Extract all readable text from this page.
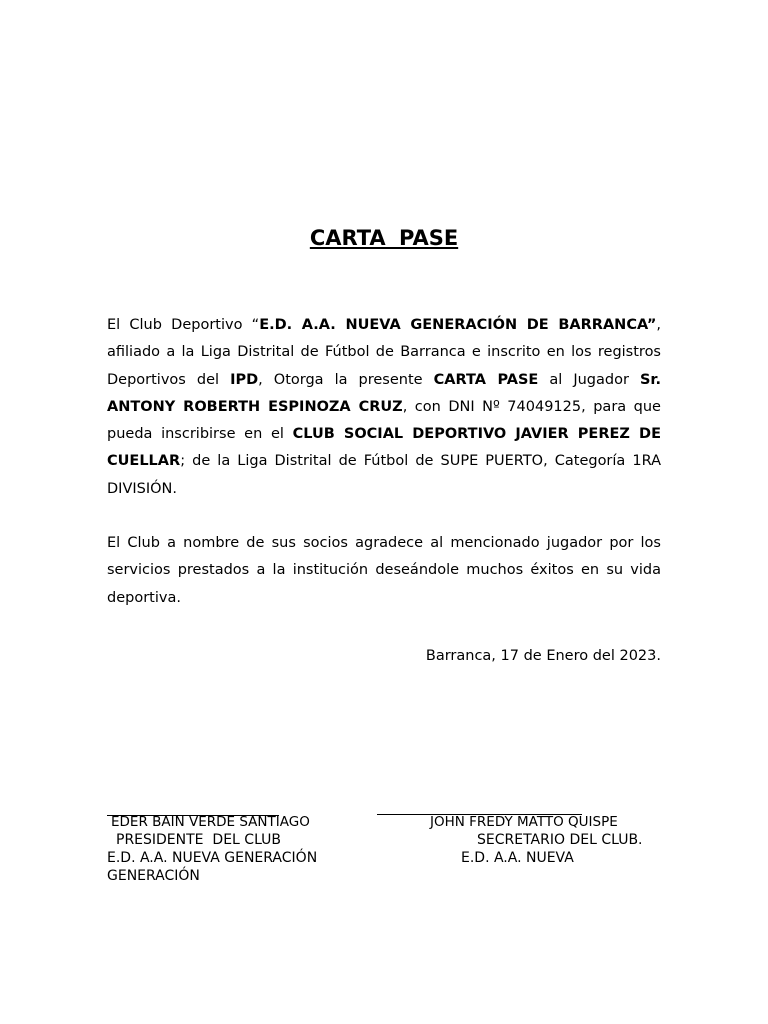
CARTA PASE

El Club Deportivo “E.D. A.A. NUEVA GENERACIÓN DE BARRANCA”, afiliado a la Liga Distrital de Fútbol de Barranca e inscrito en los registros Deportivos del IPD, Otorga la presente CARTA PASE al Jugador Sr. ANTONY ROBERTH ESPINOZA CRUZ, con DNI Nº 74049125, para que pueda inscribirse en el CLUB SOCIAL DEPORTIVO JAVIER PEREZ DE CUELLAR; de la Liga Distrital de Fútbol de SUPE PUERTO, Categoría 1RA DIVISIÓN.

El Club a nombre de sus socios agradece al mencionado jugador por los servicios prestados a la institución deseándole muchos éxitos en su vida deportiva.

Barranca, 17 de Enero del 2023.
EDER BAIN VERDE SANTIAGO
PRESIDENTE  DEL CLUB
E.D. A.A. NUEVA GENERACIÓN
GENERACIÓN
JOHN FREDY MATTO QUISPE
SECRETARIO DEL CLUB.
E.D. A.A. NUEVA
